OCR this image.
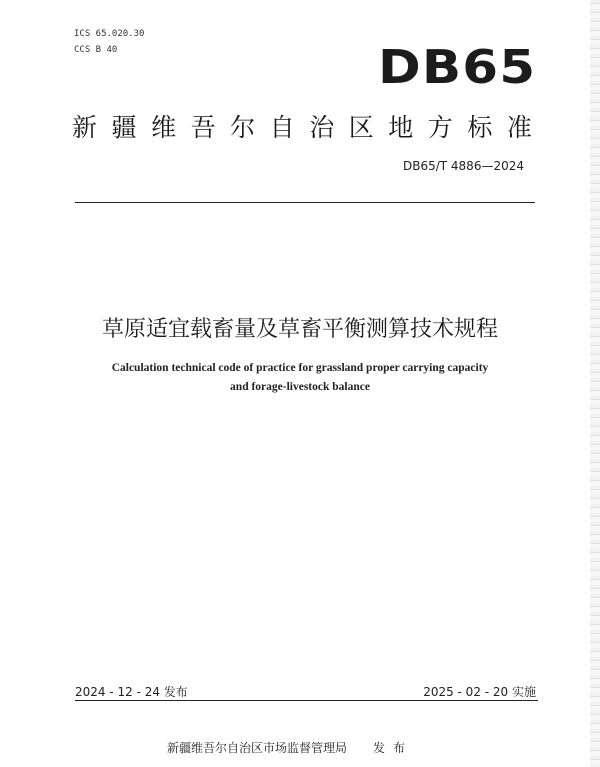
ICS 65.020.30
CCS B 40	DB65
新 疆 维 吾 尔 自 治 区 地 方 标 准
DB65/T 4886—2024
草原适宜载畜量及草畜平衡测算技术规程
Calculation technical code of practice for grassland proper carrying capacity
and forage-livestock balance
2024 - 12 - 24 发布	2025 - 02 - 20 实施
新疆维吾尔自治区市场监督管理局 发布
